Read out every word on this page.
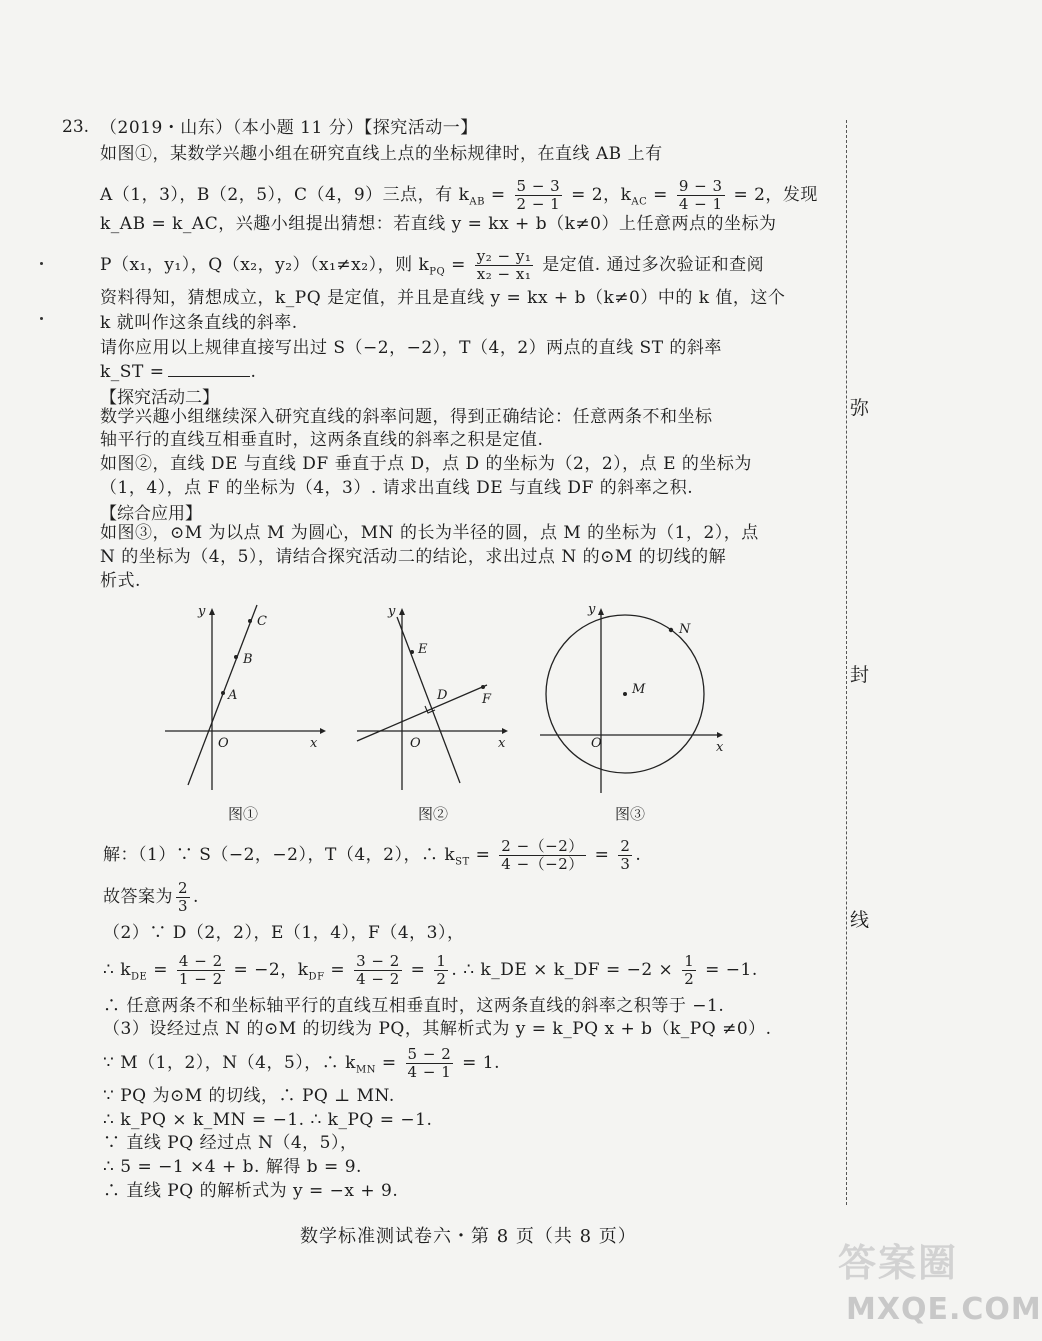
23. （2019・山东）（本小题 11 分）【探究活动一】
如图①，某数学兴趣小组在研究直线上点的坐标规律时，在直线 AB 上有
A（1，3），B（2，5），C（4，9）三点，有 $k_{AB} = \frac{5 - 3}{2 - 1} = 2$，$k_{AC} = \frac{9 - 3}{4 - 1} = 2$，发现
k_AB = k_AC，兴趣小组提出猜想：若直线 y = kx + b（k≠0）上任意两点的坐标为
P（x₁，y₁），Q（x₂，y₂）（x₁≠x₂），则 $k_{PQ} = \frac{\text{y₂ − y₁}}{\text{x₂ − x₁}}$ 是定值. 通过多次验证和查阅
资料得知，猜想成立，k_PQ 是定值，并且是直线 y = kx + b（k≠0）中的 k 值，这个
k 就叫作这条直线的斜率.
请你应用以上规律直接写出过 S（−2，−2），T（4，2）两点的直线 ST 的斜率
k_ST =	.
【探究活动二】
数学兴趣小组继续深入研究直线的斜率问题，得到正确结论：任意两条不和坐标
轴平行的直线互相垂直时，这两条直线的斜率之积是定值.
如图②，直线 DE 与直线 DF 垂直于点 D，点 D 的坐标为（2，2），点 E 的坐标为
（1，4），点 F 的坐标为（4，3）. 请求出直线 DE 与直线 DF 的斜率之积.
【综合应用】
如图③，⊙M 为以点 M 为圆心，MN 的长为半径的圆，点 M 的坐标为（1，2），点
N 的坐标为（4，5），请结合探究活动二的结论，求出过点 N 的⊙M 的切线的解
析式.
y
x
O
A
B
C
图①
y
x
O
D
E
F
图②
y
x
O
M
N
图③
解：（1）∵ S（−2，−2），T（4，2），∴ $k_{ST} = \frac{2 -(-2)}{4 -(-2)} = \frac{2}{3}$ .
故答案为 $\frac{2}{3}$ .
（2）∵ D（2，2），E（1，4），F（4，3），
∴ $k_{DE} = \frac{4 - 2}{1 - 2} = -2$，$k_{DF} = \frac{3 - 2}{4 - 2} = \frac{1}{2}$ . ∴ k_DE × k_DF = $-2 \times \frac{1}{2} = -1$.
∴ 任意两条不和坐标轴平行的直线互相垂直时，这两条直线的斜率之积等于 −1.
（3）设经过点 N 的⊙M 的切线为 PQ，其解析式为 y = k_PQ x + b（k_PQ ≠0）.
∵ M（1，2），N（4，5），∴ $k_{MN} = \frac{5 - 2}{4 - 1} = 1$.
∵ PQ 为⊙M 的切线，∴ PQ ⊥ MN.
∴ k_PQ × k_MN = −1. ∴ k_PQ = −1.
∵ 直线 PQ 经过点 N（4，5），
∴ 5 = −1 ×4 + b. 解得 b = 9.
∴ 直线 PQ 的解析式为 y = −x + 9.
弥
封
线
数学标准测试卷六・第 8 页（共 8 页）
答案圈
MXQE.COM
